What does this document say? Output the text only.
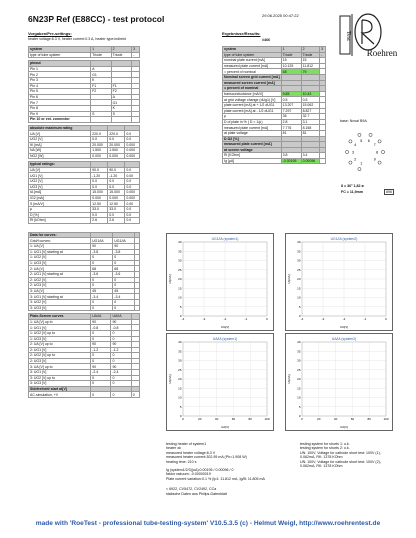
6N23P Ref (E88CC) - test protocol	29.06.2025 00:47:22
Test
Roehren
Vorgaben/Pre-settings:
heater voltage:6.3 V, heater current:0.3 A, heater type:indirekt
Ergebnisse/Results:
#466
system	1	2	3
type of tube system	Triode	Triode	-
pinout			
Pin 1	A		
Pin 2	G1		
Pin 3	K		
Pin 4	F1	F1	
Pin 5	F2	F2	
Pin 6		A	
Pin 7		G1	
Pin 8		K	
Pin 9	S	S	
Pin 10 or ext. connector			
absolute maximum rating			
UA [V]	220.0	220.0	0.0
UG2 [V]	0.0	0.0	0.0
IK [mA]	20.000	20.000	0.000
NA [W]	1.500	1.500	0.000
NG2 [W]	0.000	0.000	0.000
typical ratings:			
UA [V]	90.0	90.0	0.0
UG1 [V]	-1.20	-1.20	0.00
UG2 [V]	0.0	0.0	0.0
UG3 [V]	0.0	0.0	0.0
IA [mA]	15.000	15.000	0.000
IG2 [mA]	0.000	0.000	0.000
S [mA/V]	12.50	12.50	0.00
μ	33.0	33.0	0.0
D [%]	0.0	0.0	0.0
Ri [kOhm]	2.6	2.6	0.0
Data for curves:			
Grid/f curves:	UG1/IA	UG1/IA	
1: UA [V]	90	90	
1: UG1 [V] starting at	-3.8	-3.8	
1: UG2 [V]	0	0	
1: UG3 [V]	0	0	
2: UA [V]	68	68	
2: UG1 [V] starting at	-3.6	-3.6	
2: UG2 [V]	0	0	
2: UG3 [V]	0	0	
3: UA [V]	45	45	
3: UG1 [V] starting at	-3.4	-3.4	
3: UG2 [V]	0	0	
3: UG3 [V]	0	0	
Plate-Screen curves	UA/IA	UA/IA	
1: UA [V] up to	90	90	
1: UG1 [V]	-0.8	-0.8	
1: UG2 [V] up to	0	0	
1: UG3 [V]	0	0	
2: UA [V] up to	90	90	
2: UG1 [V]	-1.2	-1.2	
2: UG2 [V] up to	0	0	
2: UG3 [V]	0	0	
3: UA [V] up to	90	90	
3: UG1 [V]	-2.4	-2.4	
3: UG2 [V] up to	0	0	
3: UG3 [V]	0	0	
Störfreiheit/ start at[V]			
AC-simulation, +V	0	0	0
system	1	2	3
type of tube system	Triode	Triode	-
nominal plate current [mA]	15	15	
measured plate current [mA]	10.125	11.812	
= percent of nominal	68	79	
Nominal screen grid current [mA]			
measured screen current [mA]			
= percent of nominal			
transconductance [mA/V]	9.85	10.43	
at grid voltage change (dUg1) [V]	0.5	0.5	
plate current [mA] at + 1/2 dUG1	13.207	15.062	
plate current [mA] at - 1/2 dUG1	7.297	8.827	
μ	36	32.7	
D of plate in % ( D = 1/μ)	2.8	3.1	
measured plate current [mA]	7.776	8.158	
at plate voltage	81	81	
D Ω2 [%]			
measured plate current [mA]			
at screen voltage			
Ri [KOhm]	3.8	3.4	
Ig [μA]	-0.00195	0.00096	
base: Noval B9A
1
2
3
4
5 6
7
8
9
8 = 36° 1,82 ø
FC = 11,9mm	896
UG1/IA (system1)
40
35
30
25
20
15
10
5
0
-4	-3	-2	-1	0
UG[V]
IA[mA]
UG1/IA (system2)
40
35
30
25
20
15
10
5
0
-4	-3	-2	-1	0
UG[V]
IA[mA]
UA/IA (system1)
40
35
30
25
20
15
10
5
0
0	20	40	60	80	100
UA[V]
IA[mA]
UA/IA (system2)
40
35
30
25
20
15
10
5
0
0	20	40	60	80	100
UA[V]
IA[mA]
testing heater of system1
heater ok
measured heater voltage:6.3 V
measured heater current:302.95 mA (Ph=1.908 W)
heating time: 210 s
Ig (system1/2/3)(uA):0.00195 / 0.00096 / 0
faktor vakuum: -0.00000019
Plate current variation:0.1 % (Ip1: 11.812 mA, Ig/B: 11.805 mA
< 6922, CV5472, CV2492, CCa
stabsche Daten aus Philips-Datenblatt
testing system for shorts 1: o.k.
testing system for shorts 2: o.k.
UN: 100V, Voltage for cathode short test: 100V (1),
0.062mA, RK: 1378 KOhm
UN: 100V, Voltage for cathode short test: 100V (2),
0.062mA, RK: 1378 KOhm
made with 'RoeTest - professional tube-testing-system' V10.5.3.5 (c) - Helmut Weigl, http://www.roehrentest.de
